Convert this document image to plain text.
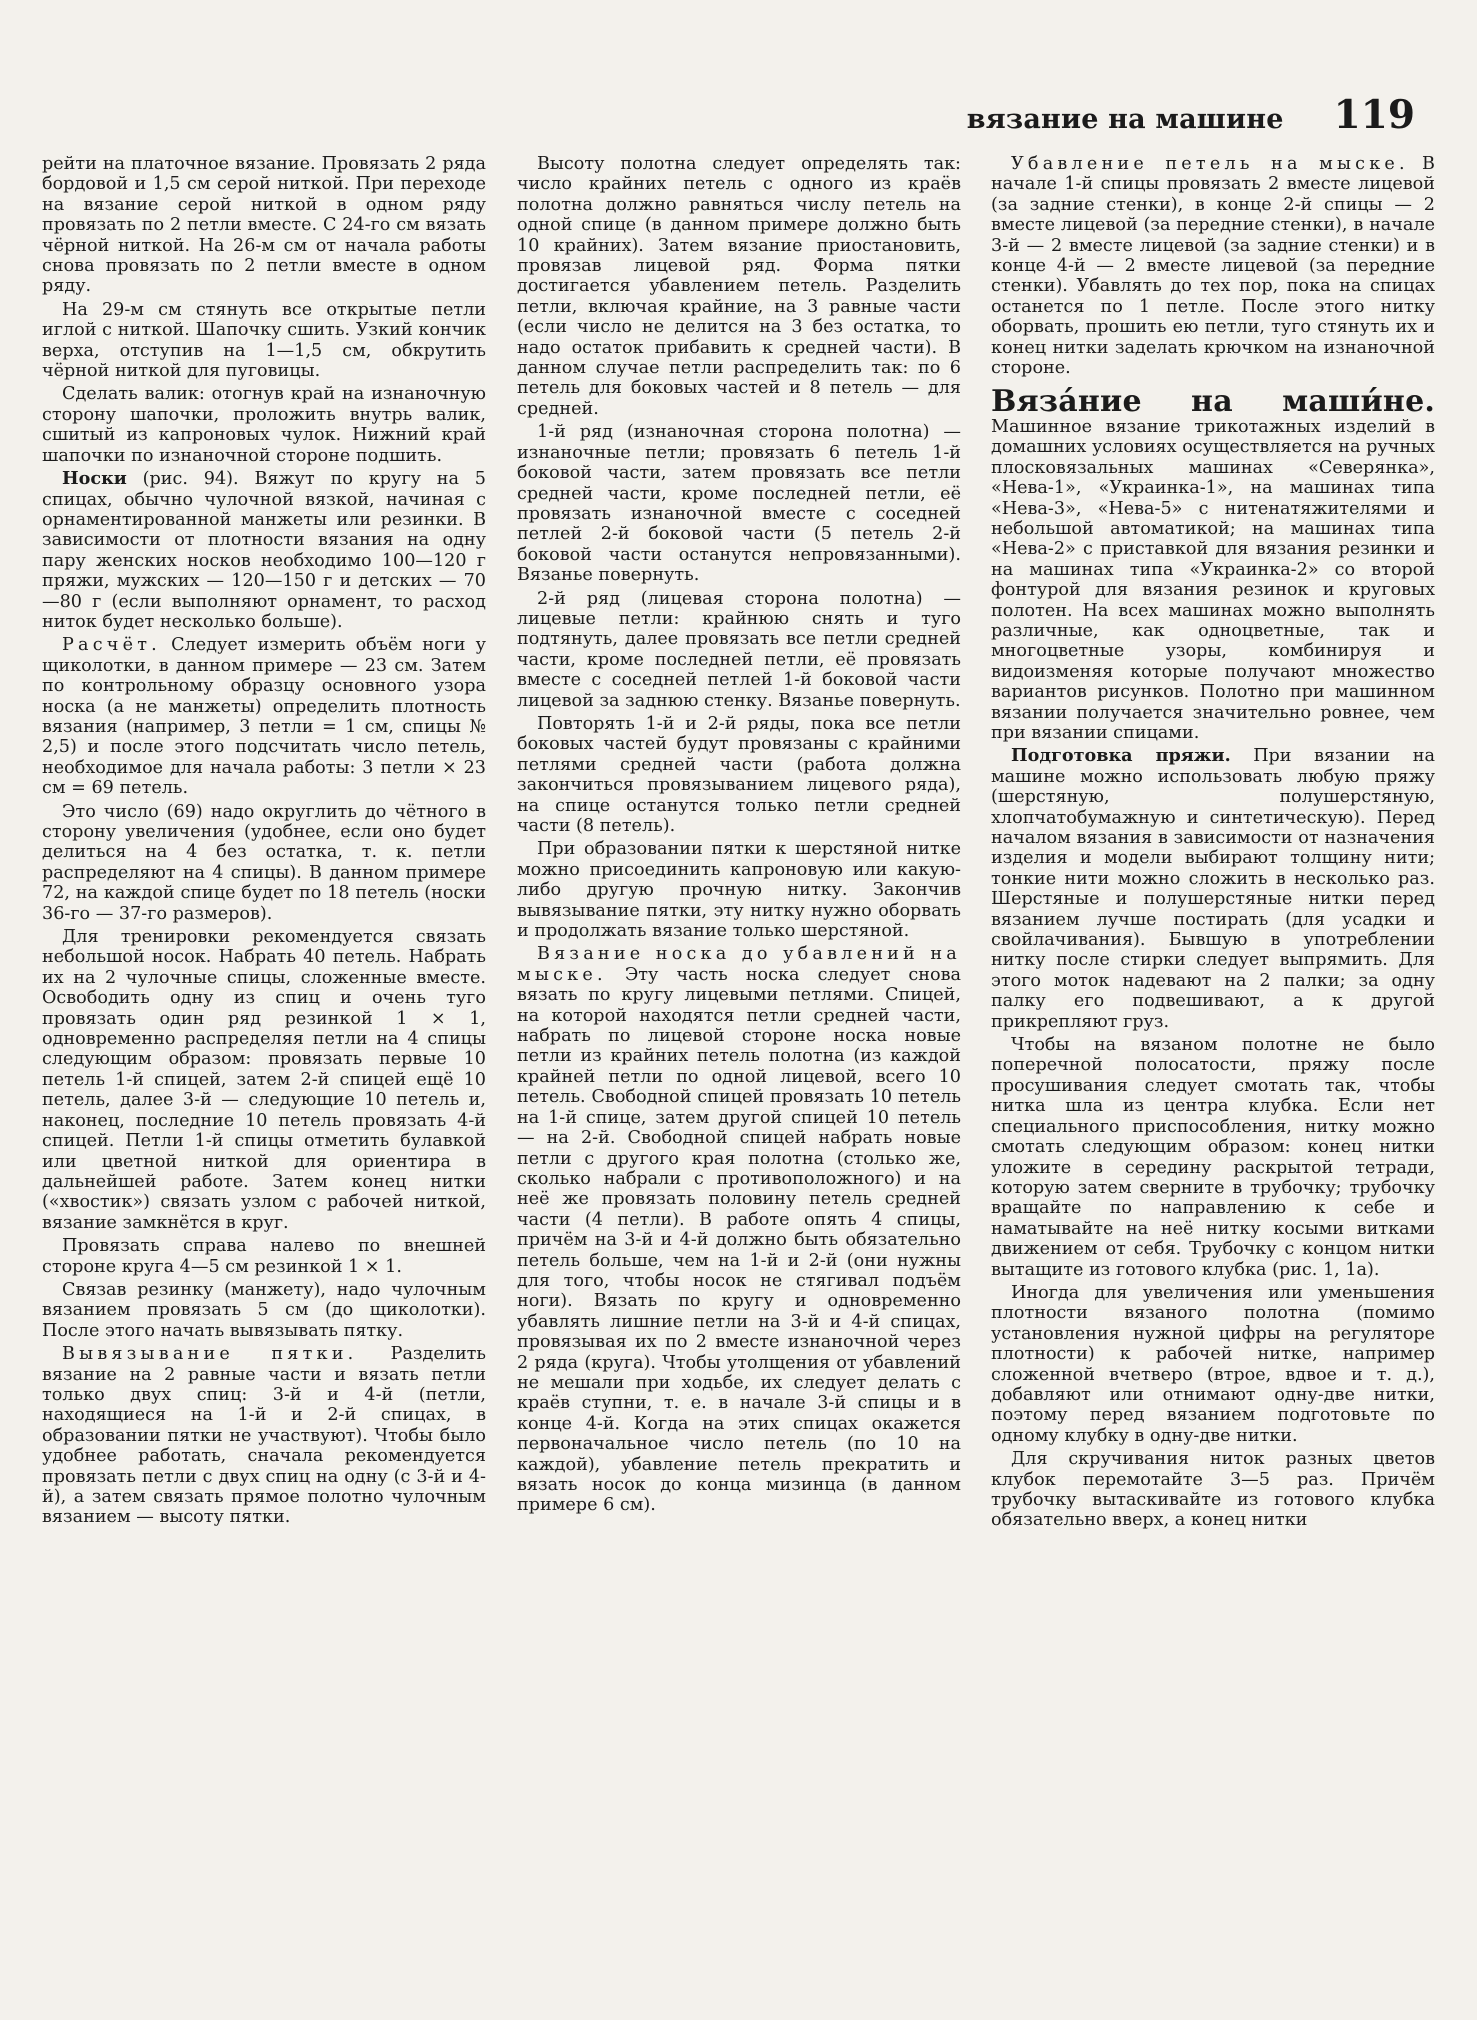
вязание на машине 119

рейти на платочное вязание. Провязать 2 ряда бордовой и 1,5 см серой ниткой. При переходе на вязание серой ниткой в одном ряду провязать по 2 петли вместе. С 24-го см вязать чёрной ниткой. На 26-м см от начала работы снова провязать по 2 петли вместе в одном ряду.

На 29-м см стянуть все открытые петли иглой с ниткой. Шапочку сшить. Узкий кончик верха, отступив на 1—1,5 см, обкрутить чёрной ниткой для пуговицы.

Сделать валик: отогнув край на изнаночную сторону шапочки, проложить внутрь валик, сшитый из капроновых чулок. Нижний край шапочки по изнаночной стороне подшить.

Носки (рис. 94). Вяжут по кругу на 5 спицах, обычно чулочной вязкой, начиная с орнаментированной манжеты или резинки. В зависимости от плотности вязания на одну пару женских носков необходимо 100—120 г пряжи, мужских — 120—150 г и детских — 70—80 г (если выполняют орнамент, то расход ниток будет несколько больше).

Расчёт. Следует измерить объём ноги у щиколотки, в данном примере — 23 см. Затем по контрольному образцу основного узора носка (а не манжеты) определить плотность вязания (например, 3 петли = 1 см, спицы № 2,5) и после этого подсчитать число петель, необходимое для начала работы: 3 петли × 23 см = 69 петель.

Это число (69) надо округлить до чётного в сторону увеличения (удобнее, если оно будет делиться на 4 без остатка, т. к. петли распределяют на 4 спицы). В данном примере 72, на каждой спице будет по 18 петель (носки 36-го — 37-го размеров).

Для тренировки рекомендуется связать небольшой носок. Набрать 40 петель. Набрать их на 2 чулочные спицы, сложенные вместе. Освободить одну из спиц и очень туго провязать один ряд резинкой 1 × 1, одновременно распределяя петли на 4 спицы следующим образом: провязать первые 10 петель 1-й спицей, затем 2-й спицей ещё 10 петель, далее 3-й — следующие 10 петель и, наконец, последние 10 петель провязать 4-й спицей. Петли 1-й спицы отметить булавкой или цветной ниткой для ориентира в дальнейшей работе. Затем конец нитки («хвостик») связать узлом с рабочей ниткой, вязание замкнётся в круг.

Провязать справа налево по внешней стороне круга 4—5 см резинкой 1 × 1.

Связав резинку (манжету), надо чулочным вязанием провязать 5 см (до щиколотки). После этого начать вывязывать пятку.

Вывязывание пятки. Разделить вязание на 2 равные части и вязать петли только двух спиц: 3-й и 4-й (петли, находящиеся на 1-й и 2-й спицах, в образовании пятки не участвуют). Чтобы было удобнее работать, сначала рекомендуется провязать петли с двух спиц на одну (с 3-й и 4-й), а затем связать прямое полотно чулочным вязанием — высоту пятки.

Высоту полотна следует определять так: число крайних петель с одного из краёв полотна должно равняться числу петель на одной спице (в данном примере должно быть 10 крайних). Затем вязание приостановить, провязав лицевой ряд. Форма пятки достигается убавлением петель. Разделить петли, включая крайние, на 3 равные части (если число не делится на 3 без остатка, то надо остаток прибавить к средней части). В данном случае петли распределить так: по 6 петель для боковых частей и 8 петель — для средней.

1-й ряд (изнаночная сторона полотна) — изнаночные петли; провязать 6 петель 1-й боковой части, затем провязать все петли средней части, кроме последней петли, её провязать изнаночной вместе с соседней петлей 2-й боковой части (5 петель 2-й боковой части останутся непровязанными). Вязанье повернуть.

2-й ряд (лицевая сторона полотна) — лицевые петли: крайнюю снять и туго подтянуть, далее провязать все петли средней части, кроме последней петли, её провязать вместе с соседней петлей 1-й боковой части лицевой за заднюю стенку. Вязанье повернуть.

Повторять 1-й и 2-й ряды, пока все петли боковых частей будут провязаны с крайними петлями средней части (работа должна закончиться провязыванием лицевого ряда), на спице останутся только петли средней части (8 петель).

При образовании пятки к шерстяной нитке можно присоединить капроновую или какую-либо другую прочную нитку. Закончив вывязывание пятки, эту нитку нужно оборвать и продолжать вязание только шерстяной.

Вязание носка до убавлений на мыске. Эту часть носка следует снова вязать по кругу лицевыми петлями. Спицей, на которой находятся петли средней части, набрать по лицевой стороне носка новые петли из крайних петель полотна (из каждой крайней петли по одной лицевой, всего 10 петель. Свободной спицей провязать 10 петель на 1-й спице, затем другой спицей 10 петель — на 2-й. Свободной спицей набрать новые петли с другого края полотна (столько же, сколько набрали с противоположного) и на неё же провязать половину петель средней части (4 петли). В работе опять 4 спицы, причём на 3-й и 4-й должно быть обязательно петель больше, чем на 1-й и 2-й (они нужны для того, чтобы носок не стягивал подъём ноги). Вязать по кругу и одновременно убавлять лишние петли на 3-й и 4-й спицах, провязывая их по 2 вместе изнаночной через 2 ряда (круга). Чтобы утолщения от убавлений не мешали при ходьбе, их следует делать с краёв ступни, т. е. в начале 3-й спицы и в конце 4-й. Когда на этих спицах окажется первоначальное число петель (по 10 на каждой), убавление петель прекратить и вязать носок до конца мизинца (в данном примере 6 см).

Убавление петель на мыске. В начале 1-й спицы провязать 2 вместе лицевой (за задние стенки), в конце 2-й спицы — 2 вместе лицевой (за передние стенки), в начале 3-й — 2 вместе лицевой (за задние стенки) и в конце 4-й — 2 вместе лицевой (за передние стенки). Убавлять до тех пор, пока на спицах останется по 1 петле. После этого нитку оборвать, прошить ею петли, туго стянуть их и конец нитки заделать крючком на изнаночной стороне.

Вяза́ние на маши́не. Машинное вязание трикотажных изделий в домашних условиях осуществляется на ручных плосковязальных машинах «Северянка», «Нева-1», «Украинка-1», на машинах типа «Нева-3», «Нева-5» с нитенатяжителями и небольшой автоматикой; на машинах типа «Нева-2» с приставкой для вязания резинки и на машинах типа «Украинка-2» со второй фонтурой для вязания резинок и круговых полотен. На всех машинах можно выполнять различные, как одноцветные, так и многоцветные узоры, комбинируя и видоизменяя которые получают множество вариантов рисунков. Полотно при машинном вязании получается значительно ровнее, чем при вязании спицами.

Подготовка пряжи. При вязании на машине можно использовать любую пряжу (шерстяную, полушерстяную, хлопчатобумажную и синтетическую). Перед началом вязания в зависимости от назначения изделия и модели выбирают толщину нити; тонкие нити можно сложить в несколько раз. Шерстяные и полушерстяные нитки перед вязанием лучше постирать (для усадки и свойлачивания). Бывшую в употреблении нитку после стирки следует выпрямить. Для этого моток надевают на 2 палки; за одну палку его подвешивают, а к другой прикрепляют груз.

Чтобы на вязаном полотне не было поперечной полосатости, пряжу после просушивания следует смотать так, чтобы нитка шла из центра клубка. Если нет специального приспособления, нитку можно смотать следующим образом: конец нитки уложите в середину раскрытой тетради, которую затем сверните в трубочку; трубочку вращайте по направлению к себе и наматывайте на неё нитку косыми витками движением от себя. Трубочку с концом нитки вытащите из готового клубка (рис. 1, 1а).

Иногда для увеличения или уменьшения плотности вязаного полотна (помимо установления нужной цифры на регуляторе плотности) к рабочей нитке, например сложенной вчетверо (втрое, вдвое и т. д.), добавляют или отнимают одну-две нитки, поэтому перед вязанием подготовьте по одному клубку в одну-две нитки.

Для скручивания ниток разных цветов клубок перемотайте 3—5 раз. Причём трубочку вытаскивайте из готового клубка обязательно вверх, а конец нитки
